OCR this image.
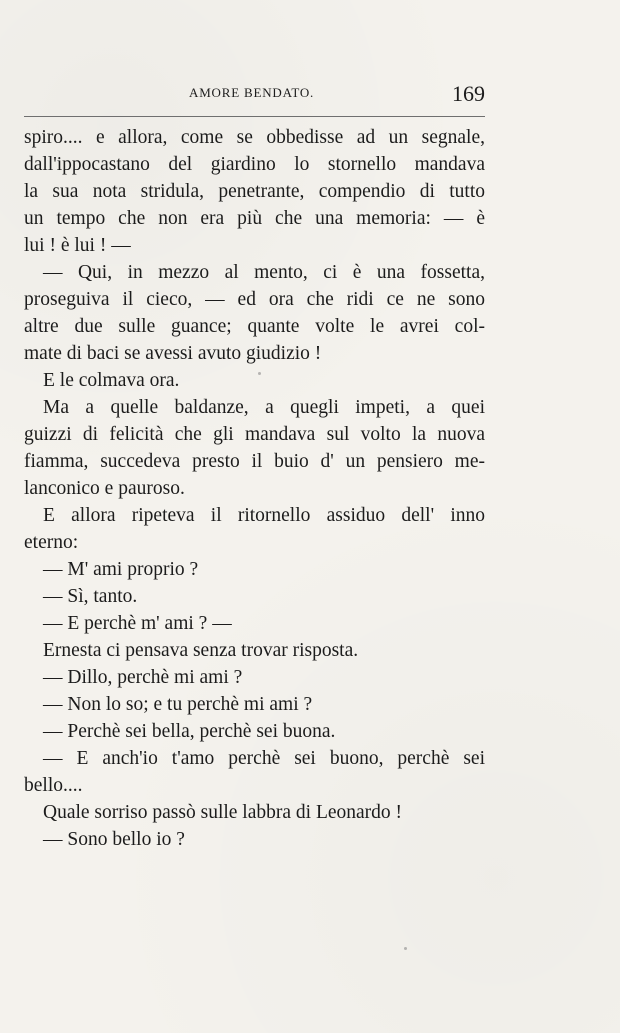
AMORE BENDATO.	169
spiro.... e allora, come se obbedisse ad un segnale,
dall'ippocastano del giardino lo stornello mandava
la sua nota stridula, penetrante, compendio di tutto
un tempo che non era più che una memoria: — è
lui ! è lui ! —
— Qui, in mezzo al mento, ci è una fossetta,
proseguiva il cieco, — ed ora che ridi ce ne sono
altre due sulle guance; quante volte le avrei col-
mate di baci se avessi avuto giudizio !
E le colmava ora.
Ma a quelle baldanze, a quegli impeti, a quei
guizzi di felicità che gli mandava sul volto la nuova
fiamma, succedeva presto il buio d' un pensiero me-
lanconico e pauroso.
E allora ripeteva il ritornello assiduo dell' inno
eterno:
— M' ami proprio ?
— Sì, tanto.
— E perchè m' ami ? —
Ernesta ci pensava senza trovar risposta.
— Dillo, perchè mi ami ?
— Non lo so; e tu perchè mi ami ?
— Perchè sei bella, perchè sei buona.
— E anch'io t'amo perchè sei buono, perchè sei
bello....
Quale sorriso passò sulle labbra di Leonardo !
— Sono bello io ?
